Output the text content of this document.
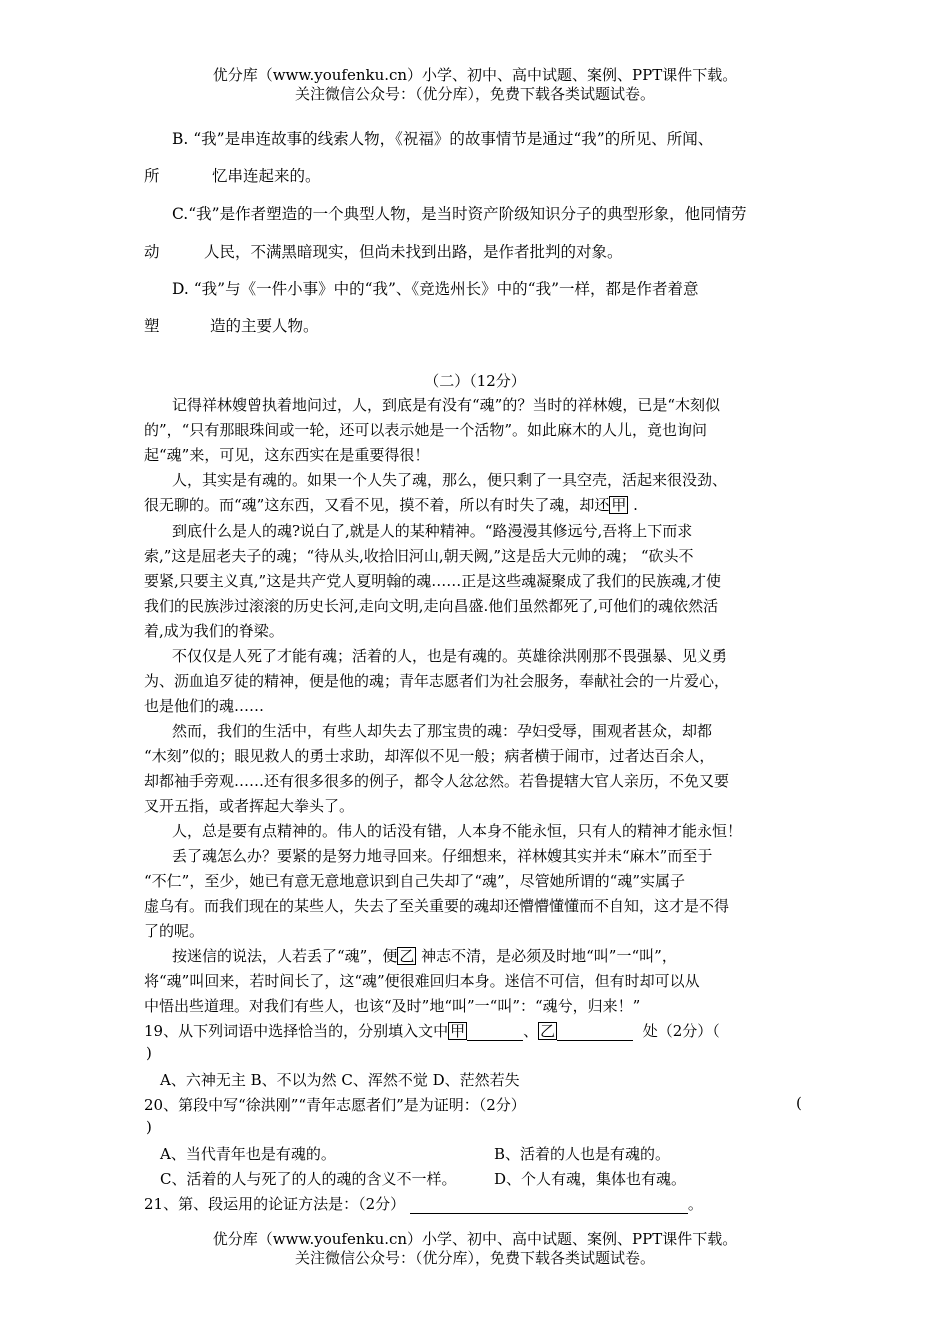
优分库（www.youfenku.cn）小学、初中、高中试题、案例、PPT课件下载。
关注微信公众号：（优分库），免费下载各类试题试卷。
B. “我”是串连故事的线索人物，《祝福》的故事情节是通过“我”的所见、所闻、
所	忆串连起来的。
C.“我”是作者塑造的一个典型人物，是当时资产阶级知识分子的典型形象，他同情劳
动	人民，不满黑暗现实，但尚未找到出路，是作者批判的对象。
D. “我”与《一件小事》中的“我”、《竞选州长》中的“我”一样，都是作者着意
塑	造的主要人物。
（二）（12分）
记得祥林嫂曾执着地问过，人，到底是有没有“魂”的？当时的祥林嫂，已是“木刻似
的”，“只有那眼珠间或一轮，还可以表示她是一个活物”。如此麻木的人儿，竟也询问
起“魂”来，可见，这东西实在是重要得很！
人，其实是有魂的。如果一个人失了魂，那么，便只剩了一具空壳，活起来很没劲、
很无聊的。而“魂”这东西，又看不见，摸不着，所以有时失了魂，却还 甲 .
到底什么是人的魂?说白了,就是人的某种精神。“路漫漫其修远兮,吾将上下而求
索,”这是屈老夫子的魂；“待从头,收拾旧河山,朝天阙,”这是岳大元帅的魂； “砍头不
要紧,只要主义真,”这是共产党人夏明翰的魂……正是这些魂凝聚成了我们的民族魂,才使
我们的民族涉过滚滚的历史长河,走向文明,走向昌盛.他们虽然都死了,可他们的魂依然活
着,成为我们的脊梁。
不仅仅是人死了才能有魂；活着的人，也是有魂的。英雄徐洪刚那不畏强暴、见义勇
为、沥血追歹徒的精神，便是他的魂；青年志愿者们为社会服务，奉献社会的一片爱心，
也是他们的魂……
然而，我们的生活中，有些人却失去了那宝贵的魂：孕妇受辱，围观者甚众，却都
“木刻”似的；眼见救人的勇士求助，却浑似不见一般；病者横于闹市，过者达百余人，
却都袖手旁观……还有很多很多的例子，都令人忿忿然。若鲁提辖大官人亲历，不免又要
叉开五指，或者挥起大拳头了。
人，总是要有点精神的。伟人的话没有错，人本身不能永恒，只有人的精神才能永恒！
丢了魂怎么办？要紧的是努力地寻回来。仔细想来，祥林嫂其实并未“麻木”而至于
“不仁”，至少，她已有意无意地意识到自己失却了“魂”，尽管她所谓的“魂”实属子
虚乌有。而我们现在的某些人，失去了至关重要的魂却还懵懵懂懂而不自知，这才是不得
了的呢。
按迷信的说法，人若丢了“魂”，便 乙 神志不清，是必须及时地“叫”一“叫”，
将“魂”叫回来，若时间长了，这“魂”便很难回归本身。迷信不可信，但有时却可以从
中悟出些道理。对我们有些人，也该“及时”地“叫”一“叫”：“魂兮，归来！”
19、从下列词语中选择恰当的，分别填入文中 甲	、 乙	处（2分）（
)
A、六神无主 B、不以为然 C、浑然不觉 D、茫然若失
20、第段中写“徐洪刚”“青年志愿者们”是为证明：（2分）	(
)
A、当代青年也是有魂的。	B、活着的人也是有魂的。
C、活着的人与死了的人的魂的含义不一样。	D、个人有魂，集体也有魂。
21、第、段运用的论证方法是：（2分）	。
优分库（www.youfenku.cn）小学、初中、高中试题、案例、PPT课件下载。
关注微信公众号：（优分库），免费下载各类试题试卷。
